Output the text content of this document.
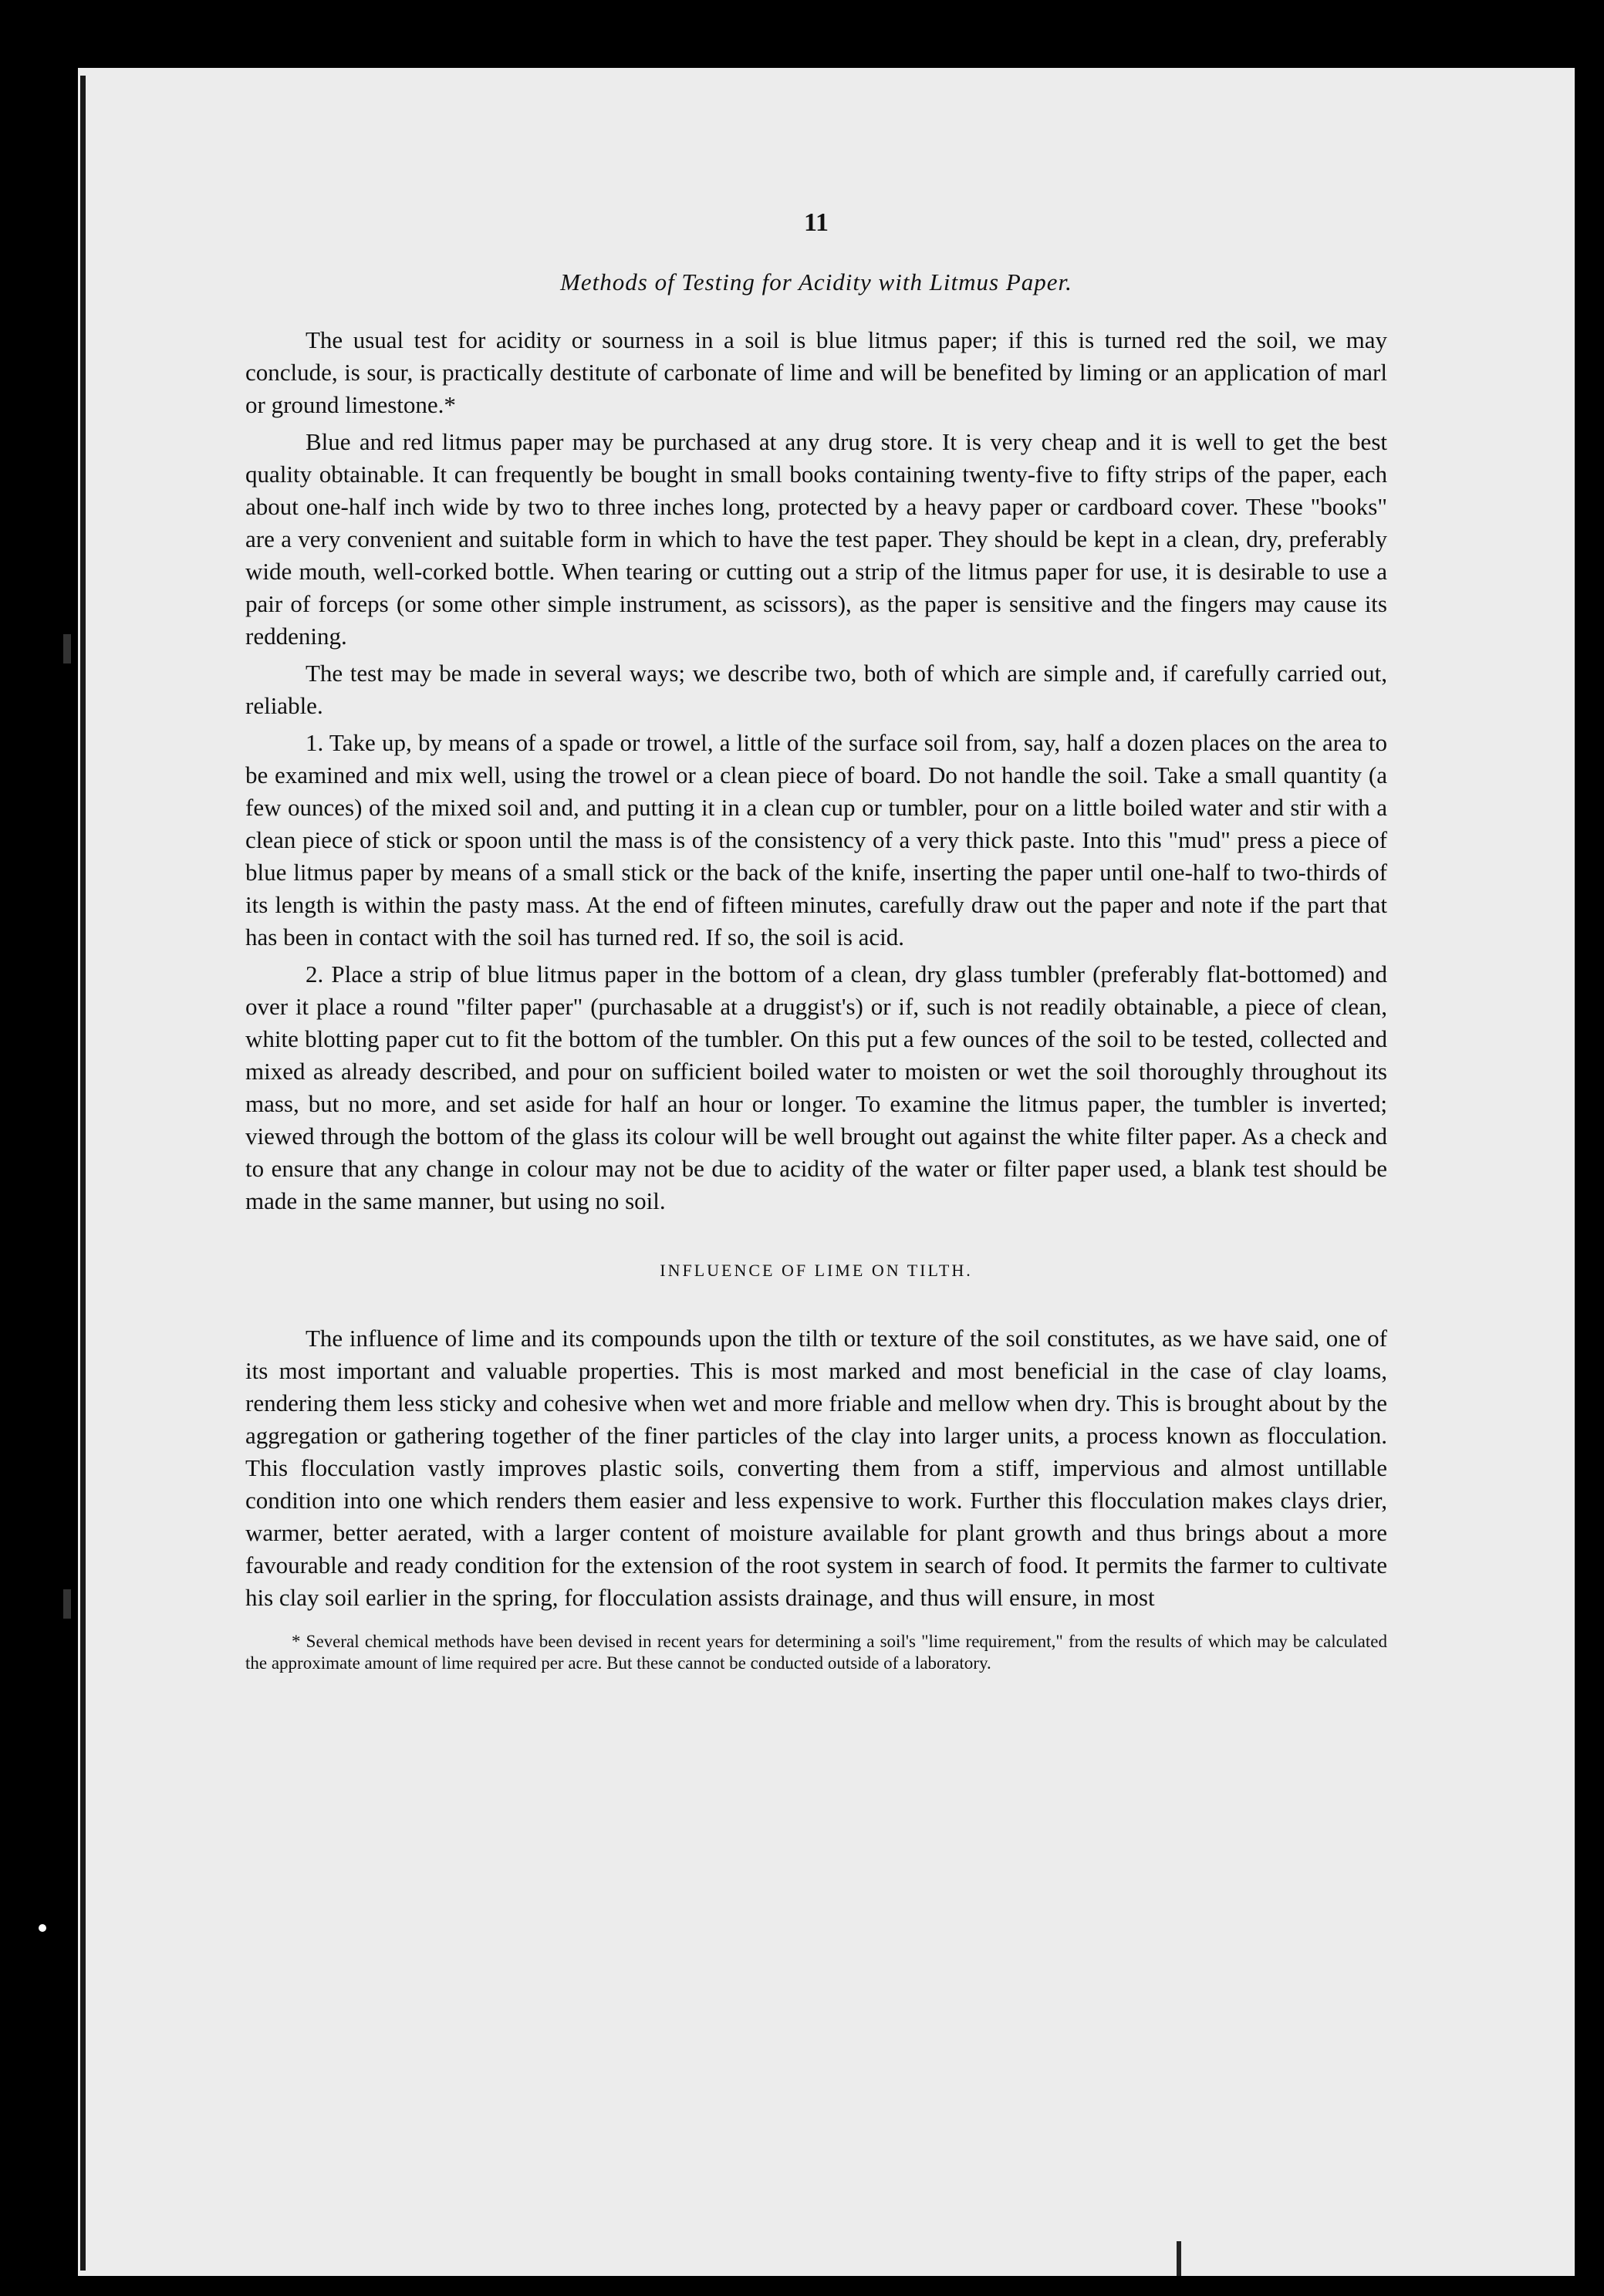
11
Methods of Testing for Acidity with Litmus Paper.

The usual test for acidity or sourness in a soil is blue litmus paper; if this is turned red the soil, we may conclude, is sour, is practically destitute of carbonate of lime and will be benefited by liming or an application of marl or ground limestone.*

Blue and red litmus paper may be purchased at any drug store. It is very cheap and it is well to get the best quality obtainable. It can frequently be bought in small books containing twenty-five to fifty strips of the paper, each about one-half inch wide by two to three inches long, protected by a heavy paper or cardboard cover. These "books" are a very convenient and suitable form in which to have the test paper. They should be kept in a clean, dry, preferably wide mouth, well-corked bottle. When tearing or cutting out a strip of the litmus paper for use, it is desirable to use a pair of forceps (or some other simple instrument, as scissors), as the paper is sensitive and the fingers may cause its reddening.

The test may be made in several ways; we describe two, both of which are simple and, if carefully carried out, reliable.

1. Take up, by means of a spade or trowel, a little of the surface soil from, say, half a dozen places on the area to be examined and mix well, using the trowel or a clean piece of board. Do not handle the soil. Take a small quantity (a few ounces) of the mixed soil and, and putting it in a clean cup or tumbler, pour on a little boiled water and stir with a clean piece of stick or spoon until the mass is of the consistency of a very thick paste. Into this "mud" press a piece of blue litmus paper by means of a small stick or the back of the knife, inserting the paper until one-half to two-thirds of its length is within the pasty mass. At the end of fifteen minutes, carefully draw out the paper and note if the part that has been in contact with the soil has turned red. If so, the soil is acid.

2. Place a strip of blue litmus paper in the bottom of a clean, dry glass tumbler (preferably flat-bottomed) and over it place a round "filter paper" (purchasable at a druggist's) or if, such is not readily obtainable, a piece of clean, white blotting paper cut to fit the bottom of the tumbler. On this put a few ounces of the soil to be tested, collected and mixed as already described, and pour on sufficient boiled water to moisten or wet the soil thoroughly throughout its mass, but no more, and set aside for half an hour or longer. To examine the litmus paper, the tumbler is inverted; viewed through the bottom of the glass its colour will be well brought out against the white filter paper. As a check and to ensure that any change in colour may not be due to acidity of the water or filter paper used, a blank test should be made in the same manner, but using no soil.

INFLUENCE OF LIME ON TILTH.

The influence of lime and its compounds upon the tilth or texture of the soil constitutes, as we have said, one of its most important and valuable properties. This is most marked and most beneficial in the case of clay loams, rendering them less sticky and cohesive when wet and more friable and mellow when dry. This is brought about by the aggregation or gathering together of the finer particles of the clay into larger units, a process known as flocculation. This flocculation vastly improves plastic soils, converting them from a stiff, impervious and almost untillable condition into one which renders them easier and less expensive to work. Further this flocculation makes clays drier, warmer, better aerated, with a larger content of moisture available for plant growth and thus brings about a more favourable and ready condition for the extension of the root system in search of food. It permits the farmer to cultivate his clay soil earlier in the spring, for flocculation assists drainage, and thus will ensure, in most

* Several chemical methods have been devised in recent years for determining a soil's "lime requirement," from the results of which may be calculated the approximate amount of lime required per acre. But these cannot be conducted outside of a laboratory.
